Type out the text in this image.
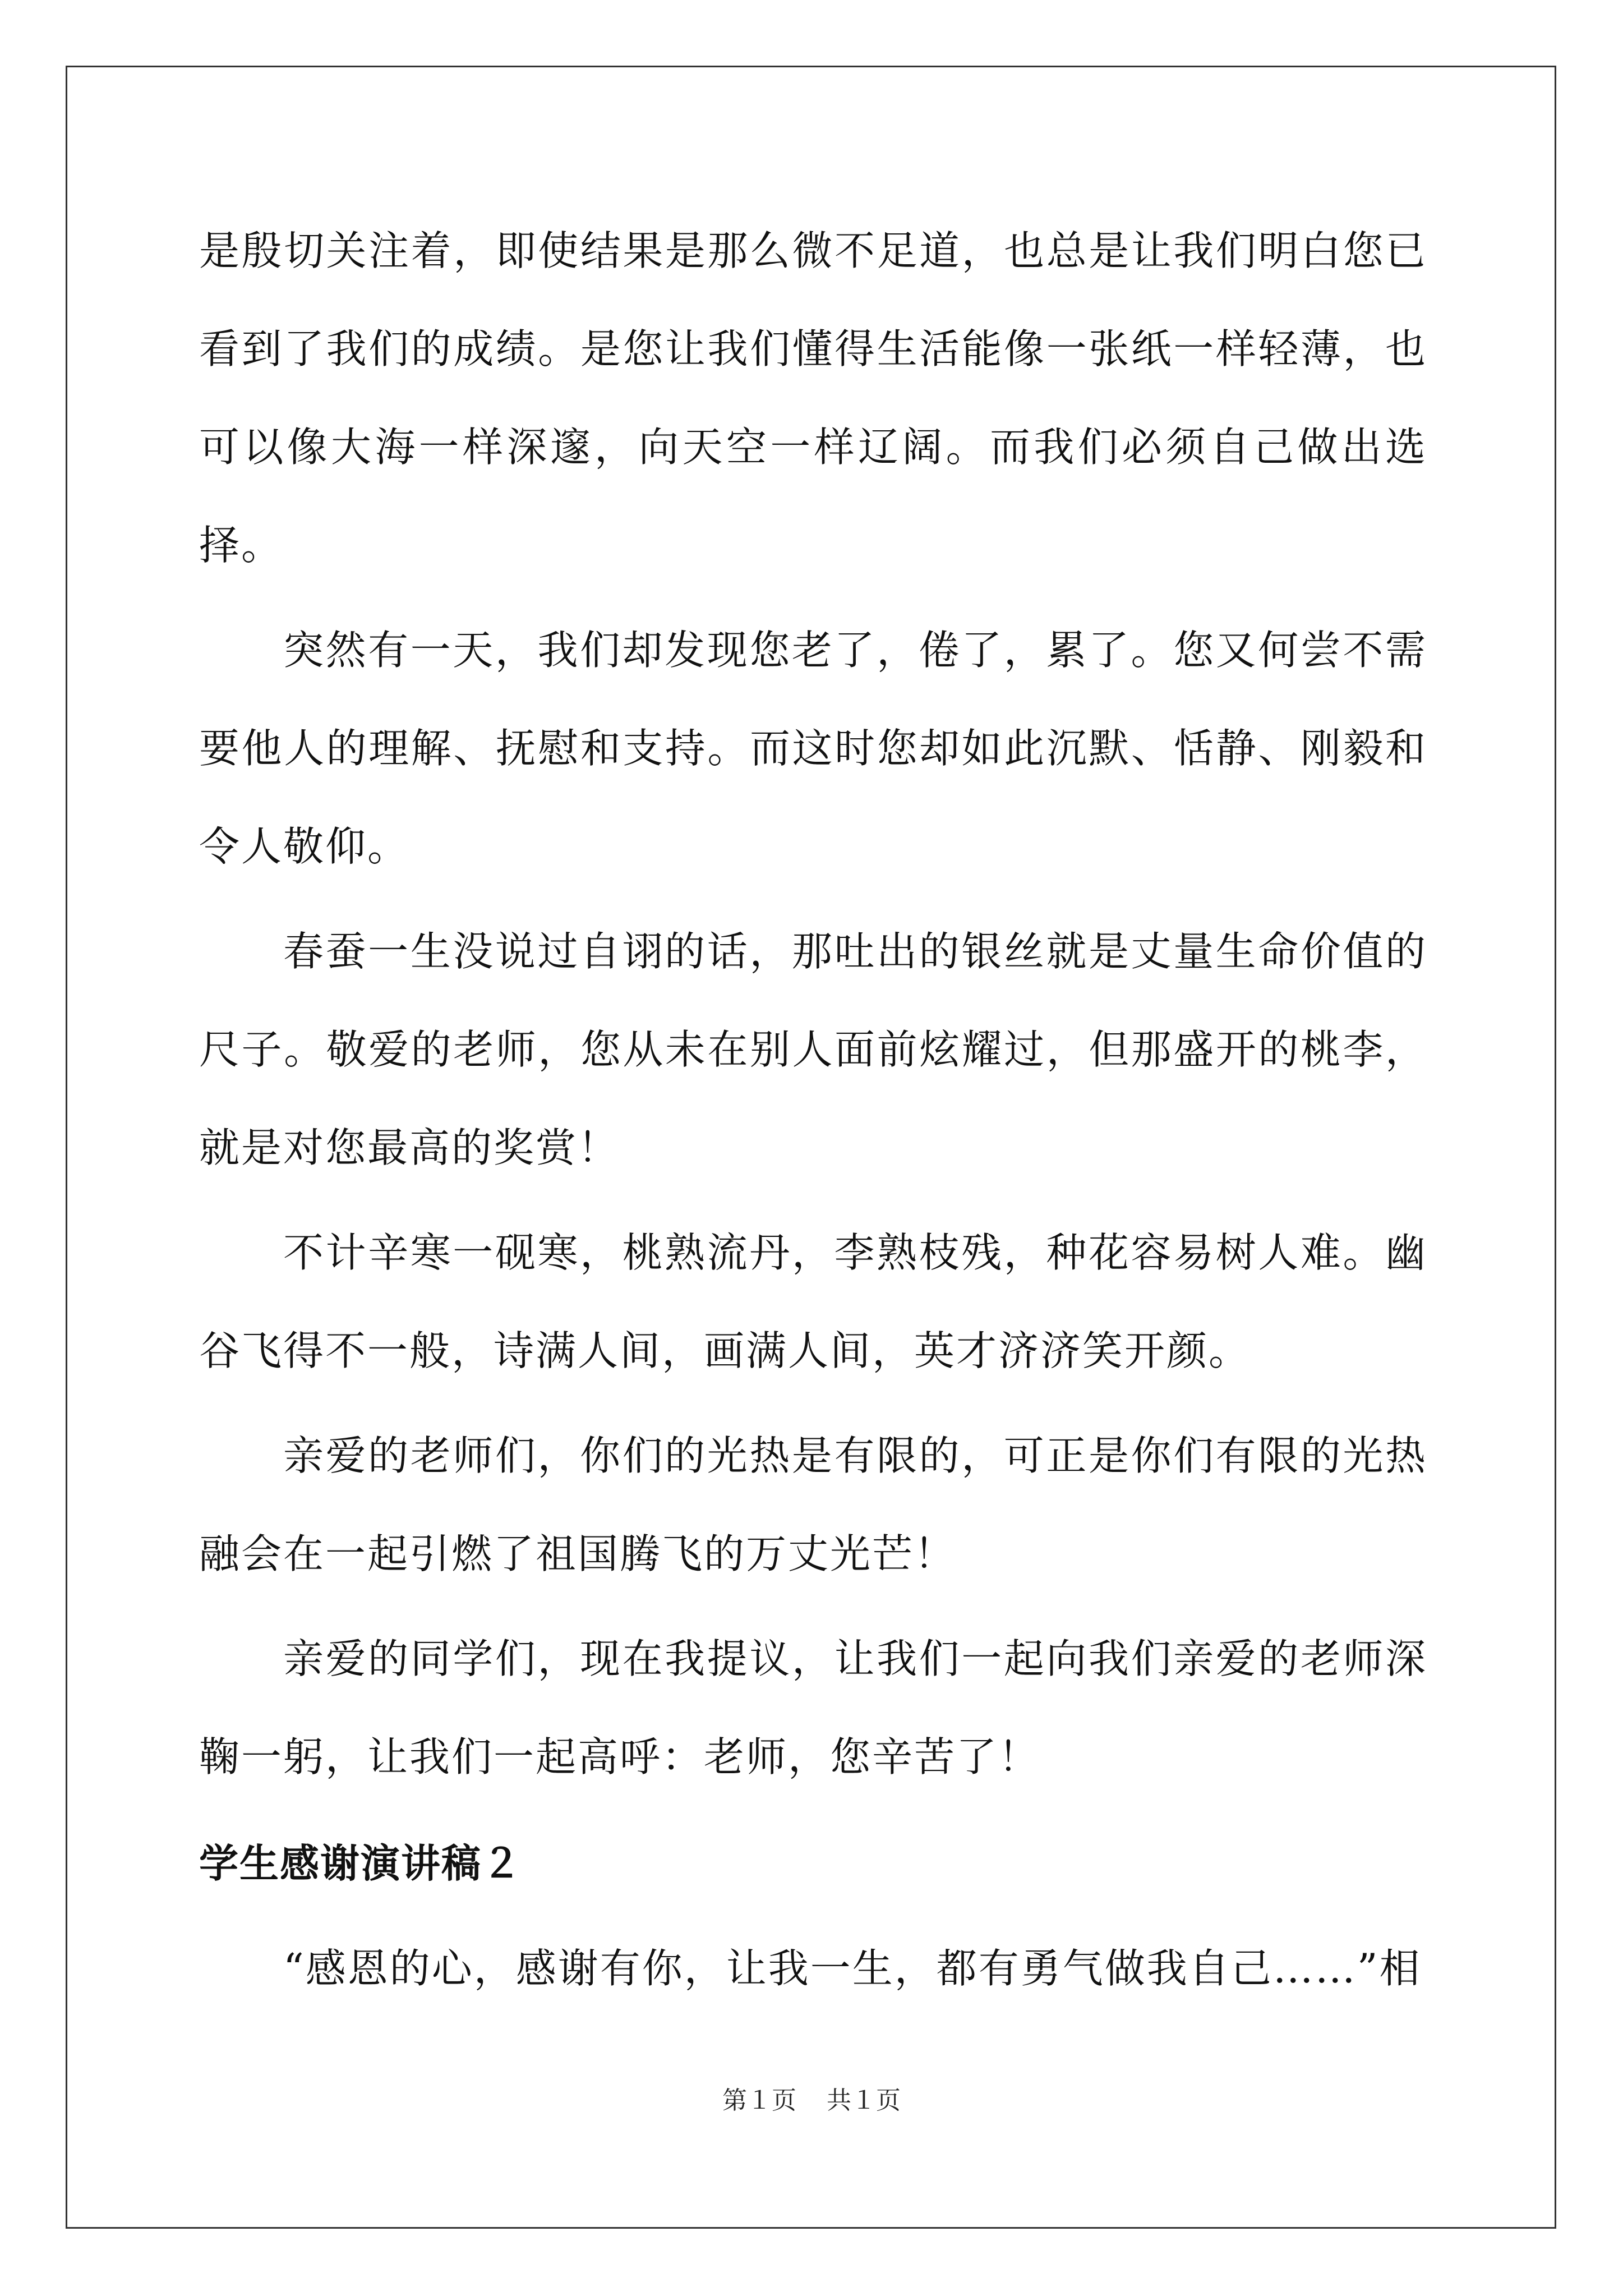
是殷切关注着，即使结果是那么微不足道，也总是让我们明白您已看到了我们的成绩。是您让我们懂得生活能像一张纸一样轻薄，也可以像大海一样深邃，向天空一样辽阔。而我们必须自己做出选择。

突然有一天，我们却发现您老了，倦了，累了。您又何尝不需要他人的理解、抚慰和支持。而这时您却如此沉默、恬静、刚毅和令人敬仰。

春蚕一生没说过自诩的话，那吐出的银丝就是丈量生命价值的尺子。敬爱的老师，您从未在别人面前炫耀过，但那盛开的桃李，就是对您最高的奖赏！

不计辛寒一砚寒，桃熟流丹，李熟枝残，种花容易树人难。幽谷飞得不一般，诗满人间，画满人间，英才济济笑开颜。

亲爱的老师们，你们的光热是有限的，可正是你们有限的光热融会在一起引燃了祖国腾飞的万丈光芒！

亲爱的同学们，现在我提议，让我们一起向我们亲爱的老师深鞠一躬，让我们一起高呼：老师，您辛苦了！

学生感谢演讲稿２

“感恩的心，感谢有你，让我一生，都有勇气做我自己……”相

第１页 共１页
